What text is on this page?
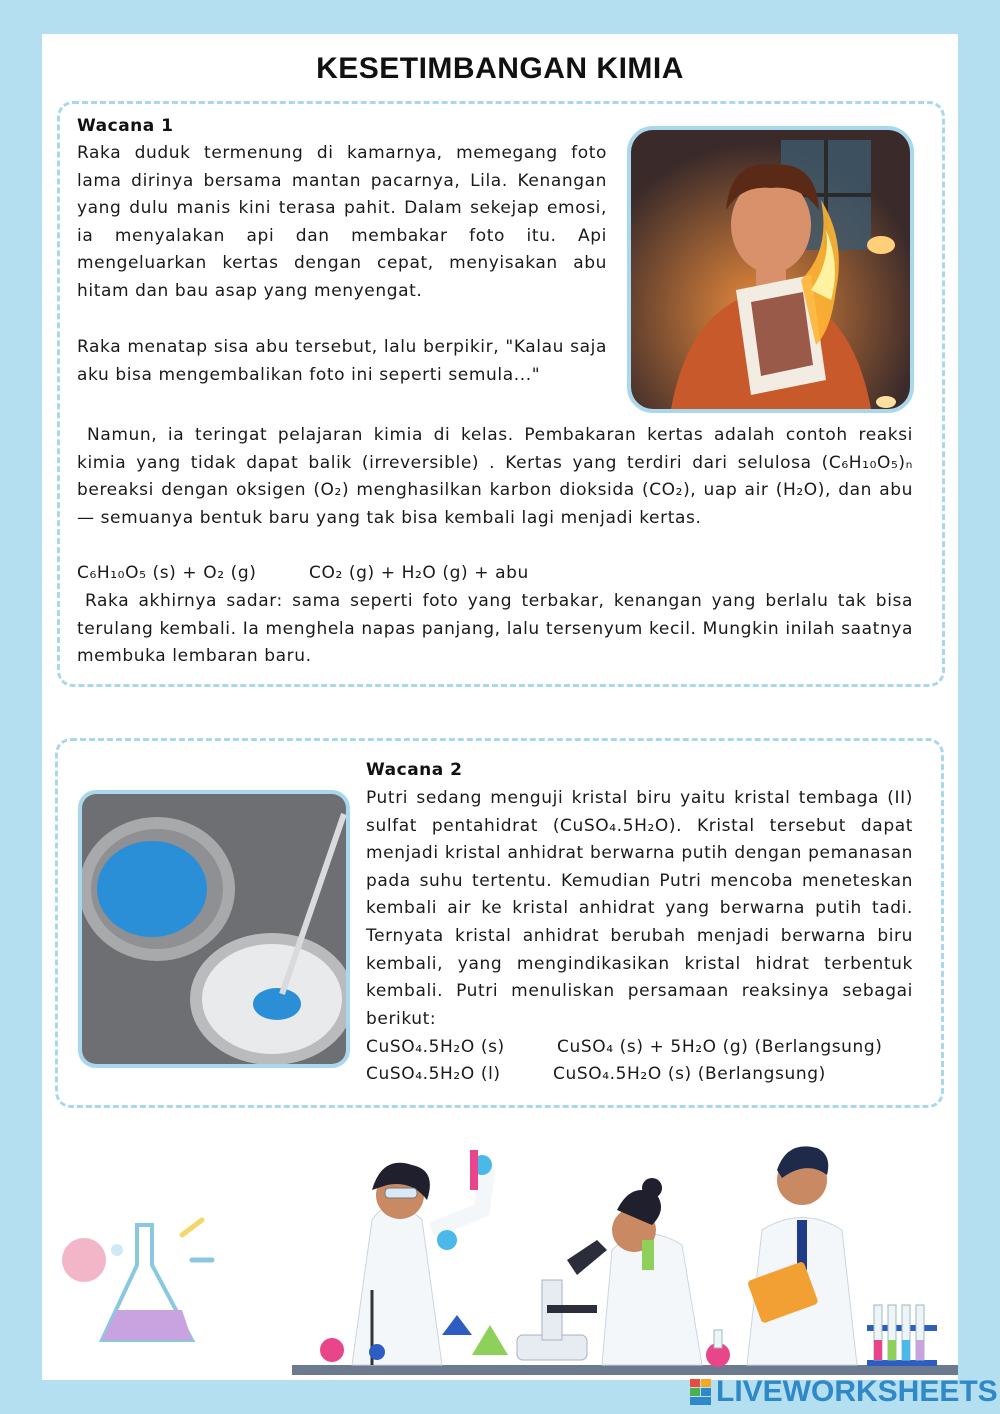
KESETIMBANGAN KIMIA
Wacana 1

Raka duduk termenung di kamarnya, memegang foto lama dirinya bersama mantan pacarnya, Lila. Kenangan yang dulu manis kini terasa pahit. Dalam sekejap emosi, ia menyalakan api dan membakar foto itu. Api mengeluarkan kertas dengan cepat, menyisakan abu hitam dan bau asap yang menyengat.

Raka menatap sisa abu tersebut, lalu berpikir, "Kalau saja aku bisa mengembalikan foto ini seperti semula..."

Namun, ia teringat pelajaran kimia di kelas. Pembakaran kertas adalah contoh reaksi kimia yang tidak dapat balik (irreversible) . Kertas yang terdiri dari selulosa (C₆H₁₀O₅)ₙ bereaksi dengan oksigen (O₂) menghasilkan karbon dioksida (CO₂), uap air (H₂O), dan abu — semuanya bentuk baru yang tak bisa kembali lagi menjadi kertas.

C₆H₁₀O₅ (s) + O₂ (g)	CO₂ (g) + H₂O (g) + abu

Raka akhirnya sadar: sama seperti foto yang terbakar, kenangan yang berlalu tak bisa terulang kembali. Ia menghela napas panjang, lalu tersenyum kecil. Mungkin inilah saatnya membuka lembaran baru.

Wacana 2

Putri sedang menguji kristal biru yaitu kristal tembaga (II) sulfat pentahidrat (CuSO₄.5H₂O). Kristal tersebut dapat menjadi kristal anhidrat berwarna putih dengan pemanasan pada suhu tertentu. Kemudian Putri mencoba meneteskan kembali air ke kristal anhidrat yang berwarna putih tadi. Ternyata kristal anhidrat berubah menjadi berwarna biru kembali, yang mengindikasikan kristal hidrat terbentuk kembali. Putri menuliskan persamaan reaksinya sebagai berikut:

CuSO₄.5H₂O (s)	CuSO₄ (s) + 5H₂O (g) (Berlangsung)
CuSO₄.5H₂O (l)	CuSO₄.5H₂O (s) (Berlangsung)
LIVEWORKSHEETS
